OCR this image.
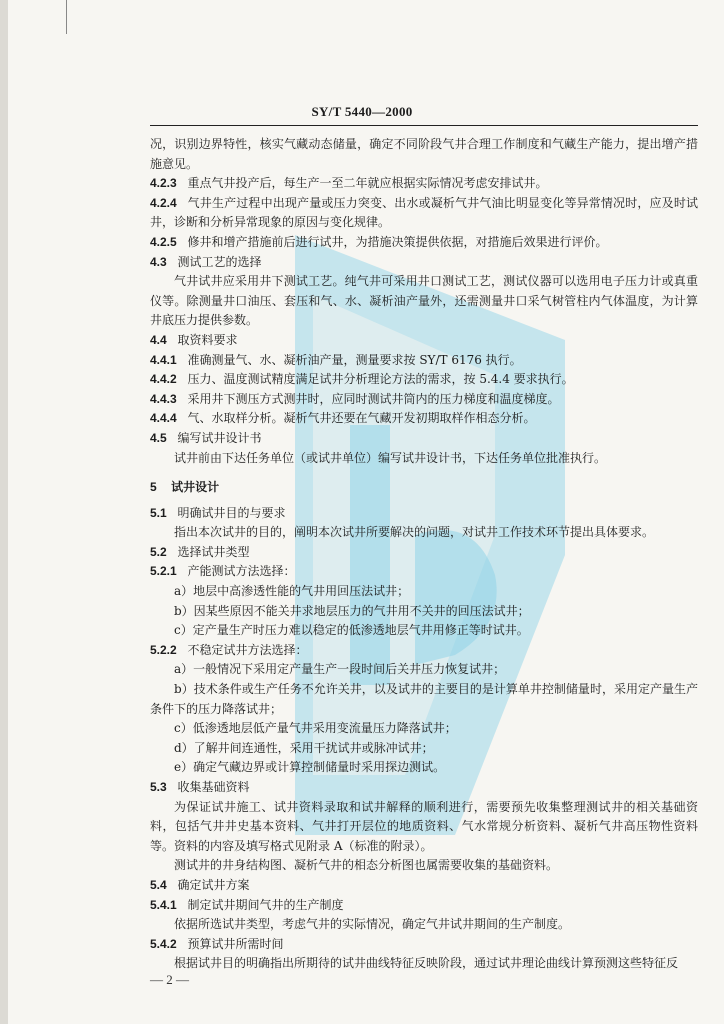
SY/T 5440—2000

况，识别边界特性，核实气藏动态储量，确定不同阶段气井合理工作制度和气藏生产能力，提出增产措施意见。

4.2.3 重点气井投产后，每生产一至二年就应根据实际情况考虑安排试井。

4.2.4 气井生产过程中出现产量或压力突变、出水或凝析气井气油比明显变化等异常情况时，应及时试井，诊断和分析异常现象的原因与变化规律。

4.2.5 修井和增产措施前后进行试井，为措施决策提供依据，对措施后效果进行评价。

4.3 测试工艺的选择

气井试井应采用井下测试工艺。纯气井可采用井口测试工艺，测试仪器可以选用电子压力计或真重仪等。除测量井口油压、套压和气、水、凝析油产量外，还需测量井口采气树管柱内气体温度，为计算井底压力提供参数。

4.4 取资料要求

4.4.1 准确测量气、水、凝析油产量，测量要求按 SY/T 6176 执行。

4.4.2 压力、温度测试精度满足试井分析理论方法的需求，按 5.4.4 要求执行。

4.4.3 采用井下测压方式测井时，应同时测试井筒内的压力梯度和温度梯度。

4.4.4 气、水取样分析。凝析气井还要在气藏开发初期取样作相态分析。

4.5 编写试井设计书

试井前由下达任务单位（或试井单位）编写试井设计书，下达任务单位批准执行。

5 试井设计

5.1 明确试井目的与要求

指出本次试井的目的，阐明本次试井所要解决的问题，对试井工作技术环节提出具体要求。

5.2 选择试井类型

5.2.1 产能测试方法选择：

a）地层中高渗透性能的气井用回压法试井；

b）因某些原因不能关井求地层压力的气井用不关井的回压法试井；

c）定产量生产时压力难以稳定的低渗透地层气井用修正等时试井。

5.2.2 不稳定试井方法选择：

a）一般情况下采用定产量生产一段时间后关井压力恢复试井；

b）技术条件或生产任务不允许关井，以及试井的主要目的是计算单井控制储量时，采用定产量生产条件下的压力降落试井；

c）低渗透地层低产量气井采用变流量压力降落试井；

d）了解井间连通性，采用干扰试井或脉冲试井；

e）确定气藏边界或计算控制储量时采用探边测试。

5.3 收集基础资料

为保证试井施工、试井资料录取和试井解释的顺利进行，需要预先收集整理测试井的相关基础资料，包括气井井史基本资料、气井打开层位的地质资料、气水常规分析资料、凝析气井高压物性资料等。资料的内容及填写格式见附录 A（标准的附录）。

测试井的井身结构图、凝析气井的相态分析图也属需要收集的基础资料。

5.4 确定试井方案

5.4.1 制定试井期间气井的生产制度

依据所选试井类型，考虑气井的实际情况，确定气井试井期间的生产制度。

5.4.2 预算试井所需时间

根据试井目的明确指出所期待的试井曲线特征反映阶段，通过试井理论曲线计算预测这些特征反

— 2 —
